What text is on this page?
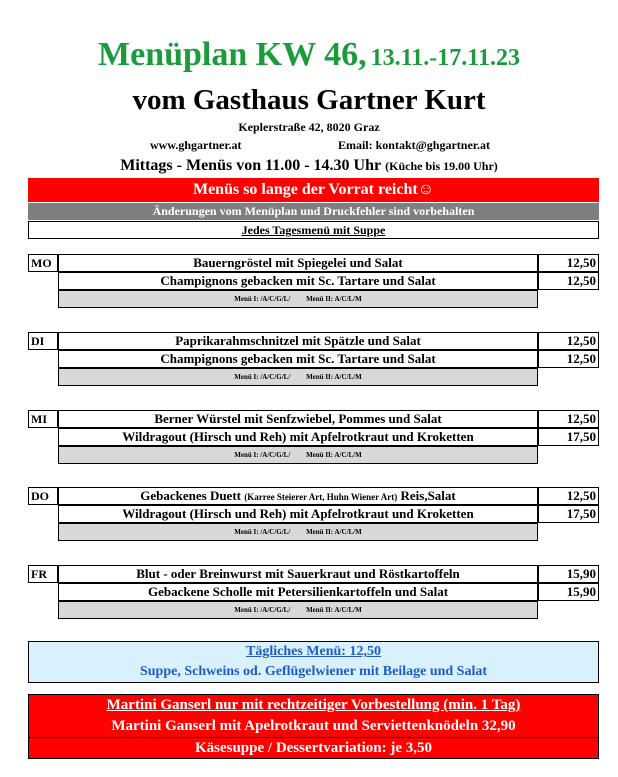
Menüplan KW 46, 13.11.-17.11.23
vom Gasthaus Gartner Kurt
Keplerstraße 42, 8020 Graz
www.ghgartner.at	Email: kontakt@ghgartner.at
Mittags - Menüs von 11.00 - 14.30 Uhr (Küche bis 19.00 Uhr)
Menüs so lange der Vorrat reicht☺
Änderungen vom Menüplan und Druckfehler sind vorbehalten
Jedes Tagesmenü mit Suppe
MO	Bauerngröstel mit Spiegelei und Salat	12,50
Champignons gebacken mit Sc. Tartare und Salat	12,50
Menü I: /A/C/G/L/ Menü II: A/C/L/M
DI	Paprikarahmschnitzel mit Spätzle und Salat	12,50
Champignons gebacken mit Sc. Tartare und Salat	12,50
Menü I: /A/C/G/L/ Menü II: A/C/L/M
MI	Berner Würstel mit Senfzwiebel, Pommes und Salat	12,50
Wildragout (Hirsch und Reh) mit Apfelrotkraut und Kroketten	17,50
Menü I: /A/C/G/L/ Menü II: A/C/L/M
DO	Gebackenes Duett (Karree Steierer Art, Huhn Wiener Art) Reis,Salat	12,50
Wildragout (Hirsch und Reh) mit Apfelrotkraut und Kroketten	17,50
Menü I: /A/C/G/L/ Menü II: A/C/L/M
FR	Blut - oder Breinwurst mit Sauerkraut und Röstkartoffeln	15,90
Gebackene Scholle mit Petersilienkartoffeln und Salat	15,90
Menü I: /A/C/G/L/ Menü II: A/C/L/M
Tägliches Menü: 12,50
Suppe, Schweins od. Geflügelwiener mit Beilage und Salat
Martini Ganserl nur mit rechtzeitiger Vorbestellung (min. 1 Tag)
Martini Ganserl mit Apelrotkraut und Serviettenknödeln 32,90
Käsesuppe / Dessertvariation: je 3,50
